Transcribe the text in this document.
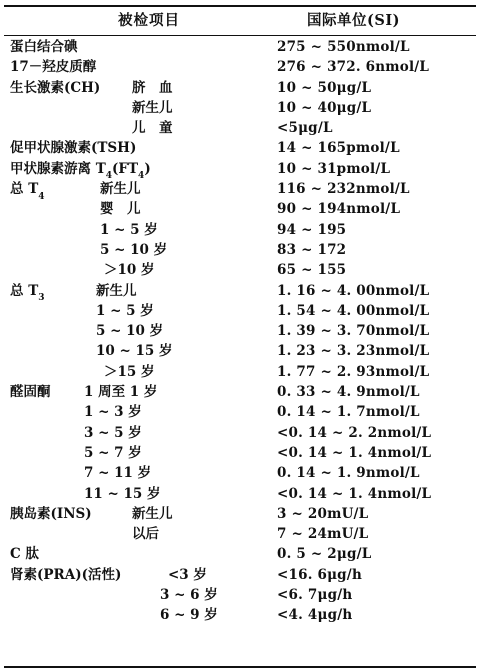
被检项目	国际单位(SI)
蛋白结合碘	275 ~ 550nmol/L
17－羟皮质醇	276 ~ 372. 6nmol/L
生长激素(CH) 脐　血	10 ~ 50μg/L
新生儿	10 ~ 40μg/L
儿　童	<5μg/L
促甲状腺激素(TSH)	14 ~ 165pmol/L
甲状腺素游离 $T_4(FT_4)$	10 ~ 31pmol/L
总 $T_4$	新生儿	116 ~ 232nmol/L
婴　儿	90 ~ 194nmol/L
1 ~ 5 岁	94 ~ 195
5 ~ 10 岁	83 ~ 172
＞10 岁	65 ~ 155
总 $T_3$	新生儿	1. 16 ~ 4. 00nmol/L
1 ~ 5 岁	1. 54 ~ 4. 00nmol/L
5 ~ 10 岁	1. 39 ~ 3. 70nmol/L
10 ~ 15 岁	1. 23 ~ 3. 23nmol/L
＞15 岁	1. 77 ~ 2. 93nmol/L
醛固酮 1 周至 1 岁	0. 33 ~ 4. 9nmol/L
1 ~ 3 岁	0. 14 ~ 1. 7nmol/L
3 ~ 5 岁	<0. 14 ~ 2. 2nmol/L
5 ~ 7 岁	<0. 14 ~ 1. 4nmol/L
7 ~ 11 岁	0. 14 ~ 1. 9nmol/L
11 ~ 15 岁	<0. 14 ~ 1. 4nmol/L
胰岛素(INS)	新生儿	3 ~ 20mU/L
以后	7 ~ 24mU/L
C 肽	0. 5 ~ 2μg/L
肾素(PRA)(活性)	<3 岁	<16. 6μg/h
3 ~ 6 岁	<6. 7μg/h
6 ~ 9 岁	<4. 4μg/h
